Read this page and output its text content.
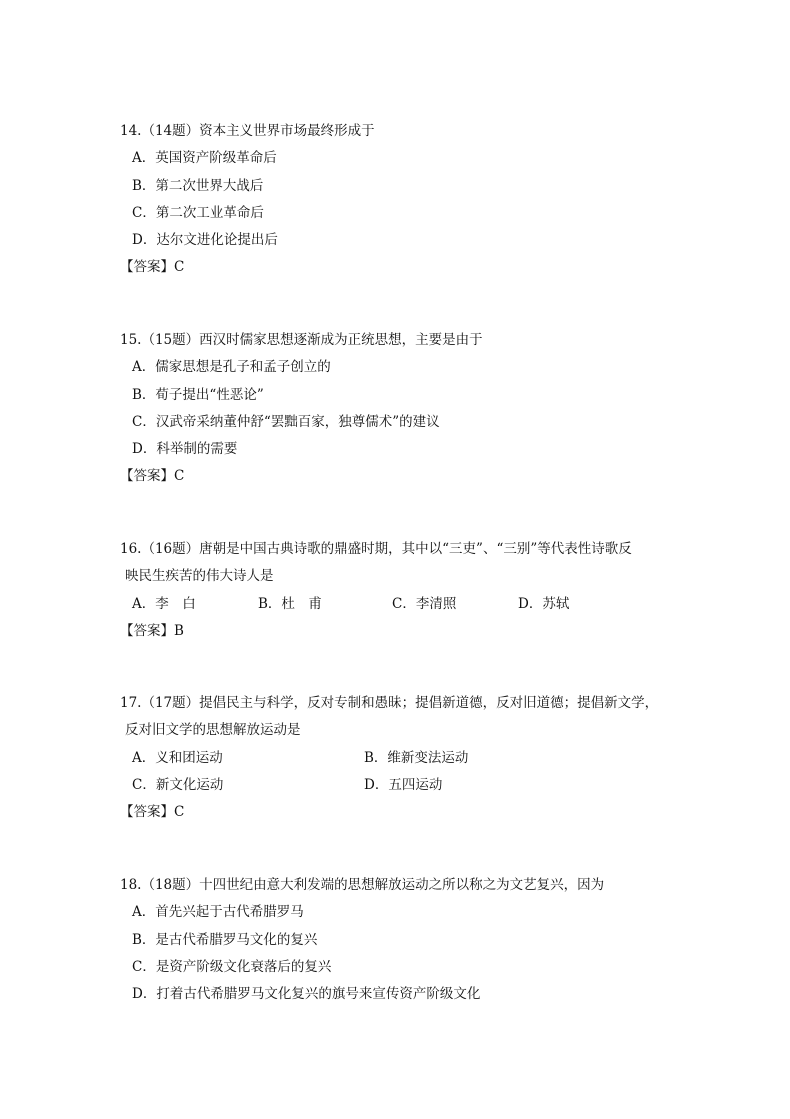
14.（14题）资本主义世界市场最终形成于
A．英国资产阶级革命后
B．第二次世界大战后
C．第二次工业革命后
D．达尔文进化论提出后
【答案】C
15.（15题）西汉时儒家思想逐渐成为正统思想，主要是由于
A．儒家思想是孔子和孟子创立的
B．荀子提出“性恶论”
C．汉武帝采纳董仲舒“罢黜百家，独尊儒术”的建议
D．科举制的需要
【答案】C
16.（16题）唐朝是中国古典诗歌的鼎盛时期，其中以“三吏”、“三别”等代表性诗歌反
映民生疾苦的伟大诗人是
A．李　白	B．杜　甫	C．李清照	D．苏轼
【答案】B
17.（17题）提倡民主与科学，反对专制和愚昧；提倡新道德，反对旧道德；提倡新文学，
反对旧文学的思想解放运动是
A．义和团运动	B．维新变法运动
C．新文化运动	D．五四运动
【答案】C
18.（18题）十四世纪由意大利发端的思想解放运动之所以称之为文艺复兴，因为
A．首先兴起于古代希腊罗马
B．是古代希腊罗马文化的复兴
C．是资产阶级文化衰落后的复兴
D．打着古代希腊罗马文化复兴的旗号来宣传资产阶级文化
